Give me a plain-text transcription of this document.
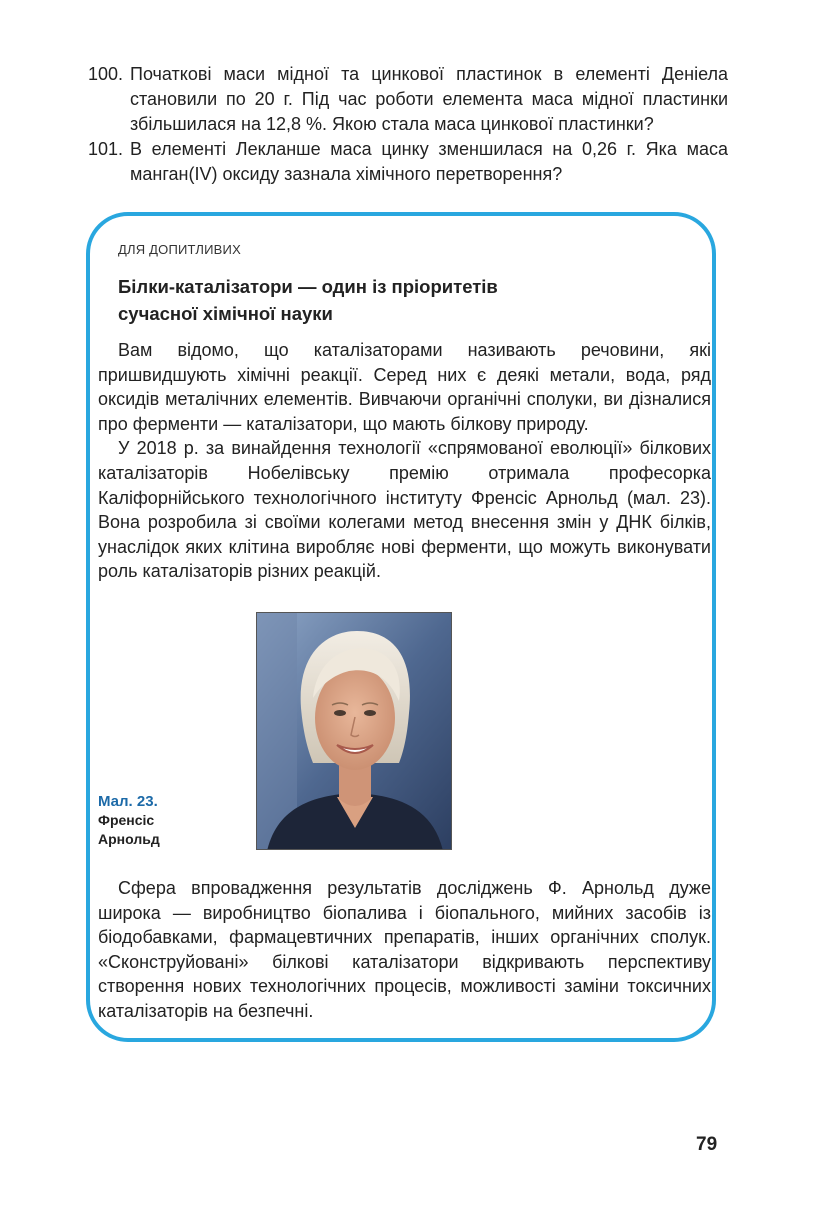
100. Початкові маси мідної та цинкової пластинок в елементі Деніела становили по 20 г. Під час роботи елемента маса мідної пластинки збільшилася на 12,8 %. Якою стала маса цинкової пластинки?
101. В елементі Лекланше маса цинку зменшилася на 0,26 г. Яка маса манган(IV) оксиду зазнала хімічного перетворення?
ДЛЯ ДОПИТЛИВИХ
Білки-каталізатори — один із пріоритетів
сучасної хімічної науки

Вам відомо, що каталізаторами називають речовини, які пришвидшують хімічні реакції. Серед них є деякі метали, вода, ряд оксидів металічних елементів. Вивчаючи органічні сполуки, ви дізналися про ферменти — каталізатори, що мають білкову природу.

У 2018 р. за винайдення технології «спрямованої еволюції» білкових каталізаторів Нобелівську премію отримала професорка Каліфорнійського технологічного інституту Френсіс Арнольд (мал. 23). Вона розробила зі своїми колегами метод внесення змін у ДНК білків, унаслідок яких клітина виробляє нові ферменти, що можуть виконувати роль каталізаторів різних реакцій.

Мал. 23.
Френсіс
Арнольд

Сфера впровадження результатів досліджень Ф. Арнольд дуже широка — виробництво біопалива і біопального, мийних засобів із біодобавками, фармацевтичних препаратів, інших органічних сполук. «Сконструйовані» білкові каталізатори відкривають перспективу створення нових технологічних процесів, можливості заміни токсичних каталізаторів на безпечні.

79
